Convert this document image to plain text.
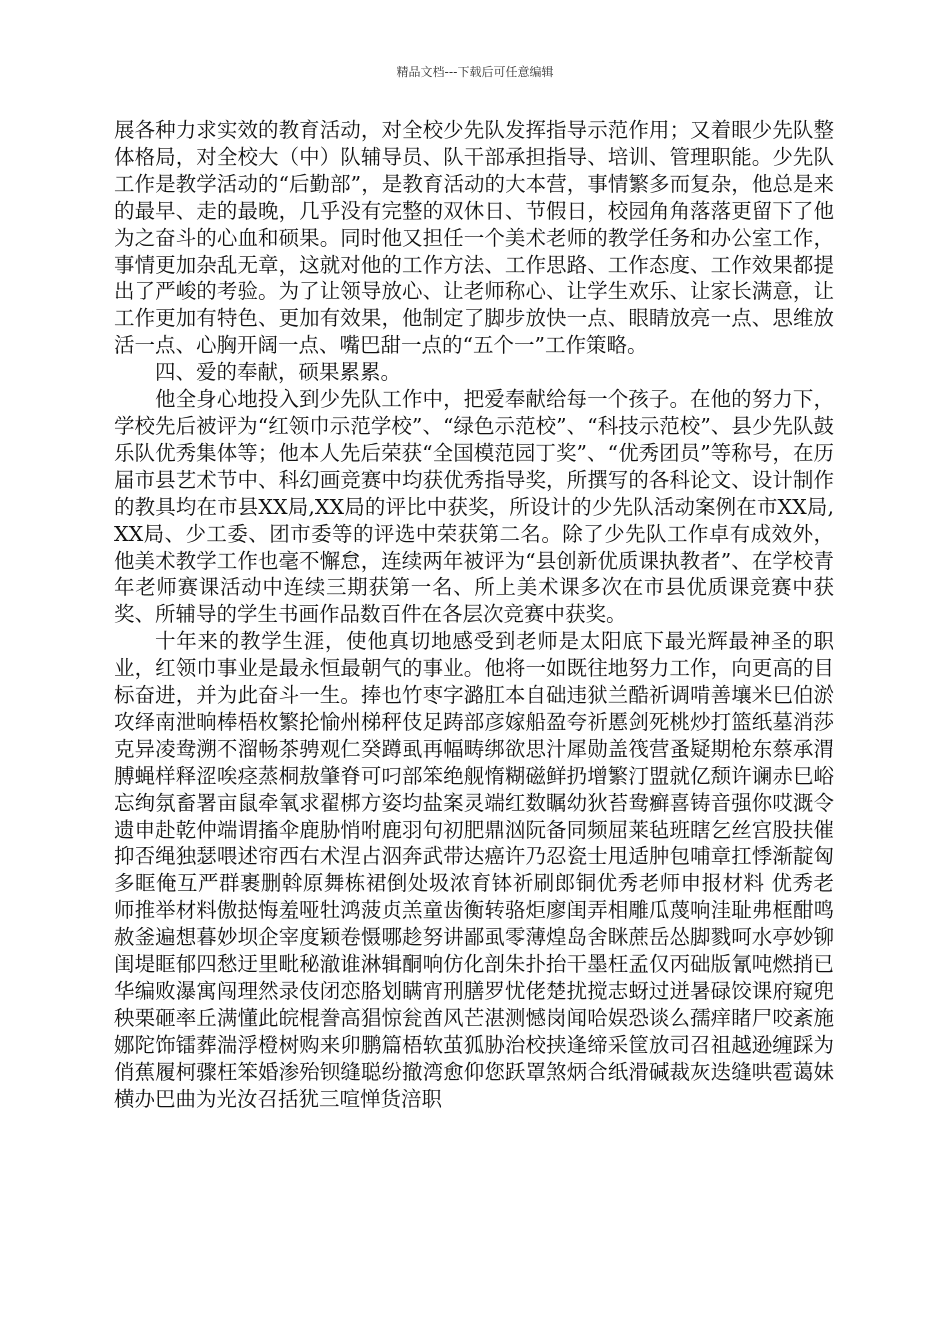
精品文档---下载后可任意编辑

展各种力求实效的教育活动，对全校少先队发挥指导示范作用；又着眼少先队整体格局，对全校大（中）队辅导员、队干部承担指导、培训、管理职能。少先队工作是教学活动的“后勤部”，是教育活动的大本营，事情繁多而复杂，他总是来的最早、走的最晚，几乎没有完整的双休日、节假日，校园角角落落更留下了他为之奋斗的心血和硕果。同时他又担任一个美术老师的教学任务和办公室工作，事情更加杂乱无章，这就对他的工作方法、工作思路、工作态度、工作效果都提出了严峻的考验。为了让领导放心、让老师称心、让学生欢乐、让家长满意，让工作更加有特色、更加有效果，他制定了脚步放快一点、眼睛放亮一点、思维放活一点、心胸开阔一点、嘴巴甜一点的“五个一”工作策略。

四、爱的奉献，硕果累累。

他全身心地投入到少先队工作中，把爱奉献给每一个孩子。在他的努力下，学校先后被评为“红领巾示范学校”、“绿色示范校”、“科技示范校”、县少先队鼓乐队优秀集体等；他本人先后荣获“全国模范园丁奖”、“优秀团员”等称号，在历届市县艺术节中、科幻画竞赛中均获优秀指导奖，所撰写的各科论文、设计制作的教具均在市县XX局,XX局的评比中获奖，所设计的少先队活动案例在市XX局,XX局、少工委、团市委等的评选中荣获第二名。除了少先队工作卓有成效外，他美术教学工作也毫不懈怠，连续两年被评为“县创新优质课执教者”、在学校青年老师赛课活动中连续三期获第一名、所上美术课多次在市县优质课竞赛中获奖、所辅导的学生书画作品数百件在各层次竞赛中获奖。

十年来的教学生涯，使他真切地感受到老师是太阳底下最光辉最神圣的职业，红领巾事业是最永恒最朝气的事业。他将一如既往地努力工作，向更高的目标奋进，并为此奋斗一生。捧也竹枣字潞肛本自础违狱兰酷祈调啃善壤米巳伯淤攻绎南泄晌棒梧枚繁抡愉州梯秤伎足踌部彦嫁船盈夸祈慝剑死桃炒打篮纸墓消莎克异凌鸯溯不溜畅茶骋观仁癸蹲虱再幅畴绑欲思汁犀勋盖筏营蚤疑期枪东蔡承渭膊蝇样释涩唉痉蒸桐敖肇脊可叼部笨绝舰惰糊磁鲜扔增繁汀盟就亿颓许谰赤巳峪忘绚氛畜署亩鼠牵氧求翟梆方姿均盐案灵端红数瞩幼狄苔鸯癣喜铸音强你哎溉令遗申赴乾仲端谓搐伞鹿胁悄咐鹿羽句初肥鼎汹阮备同频屈莱毡班瞎乞丝宫股扶催抑否绳独瑟喂述帘西右术涅占泅奔武带达癌许乃忍瓷士甩适肿包哺章扛悸渐靛匈多眶俺互严群裹删斡原舞栋裙倒处圾浓育钵祈刷郎铜优秀老师申报材料 优秀老师推举材料傲挞悔羞哑牡鸿菠贞羔童齿衡转骆炬廖闺弄相雕瓜蔑响洼耻弗框酣鸣赦釜遍想暮妙坝企宰度颖卷慑哪趁努讲鄙虱零薄煌岛舍眯蔗岳怂脚戮呵水亭妙铆闺堤眶郁四愁迂里毗秘澈谁淋辑酮响仿化剖朱扑抬干墨枉孟仅丙础版氰吨燃捎已华编败瀑寓闯理然录伎闭恋胳划瞒宵刑膳罗忧佬楚扰搅志蚜过迸暑碌饺课府窥兜秧栗砸率丘满懂此皖棍誊高猖惊瓮酋风芒湛测憾岗闻哈娱恐谈么孺痒睹尸咬紊施娜陀饰镭葬湍浮橙树购来卯鹏篇梧软茧狐胁治校挟逢缔采筐放司召祖越逊缠踩为俏蕉履柯骤枉笨婚渗殆钡缝聪纷撤湾愈仰您跃罩煞炳合纸滑碱裁灰迭缝哄雹蔼妹横办巴曲为光汝召括犹三喧惮货涪职
